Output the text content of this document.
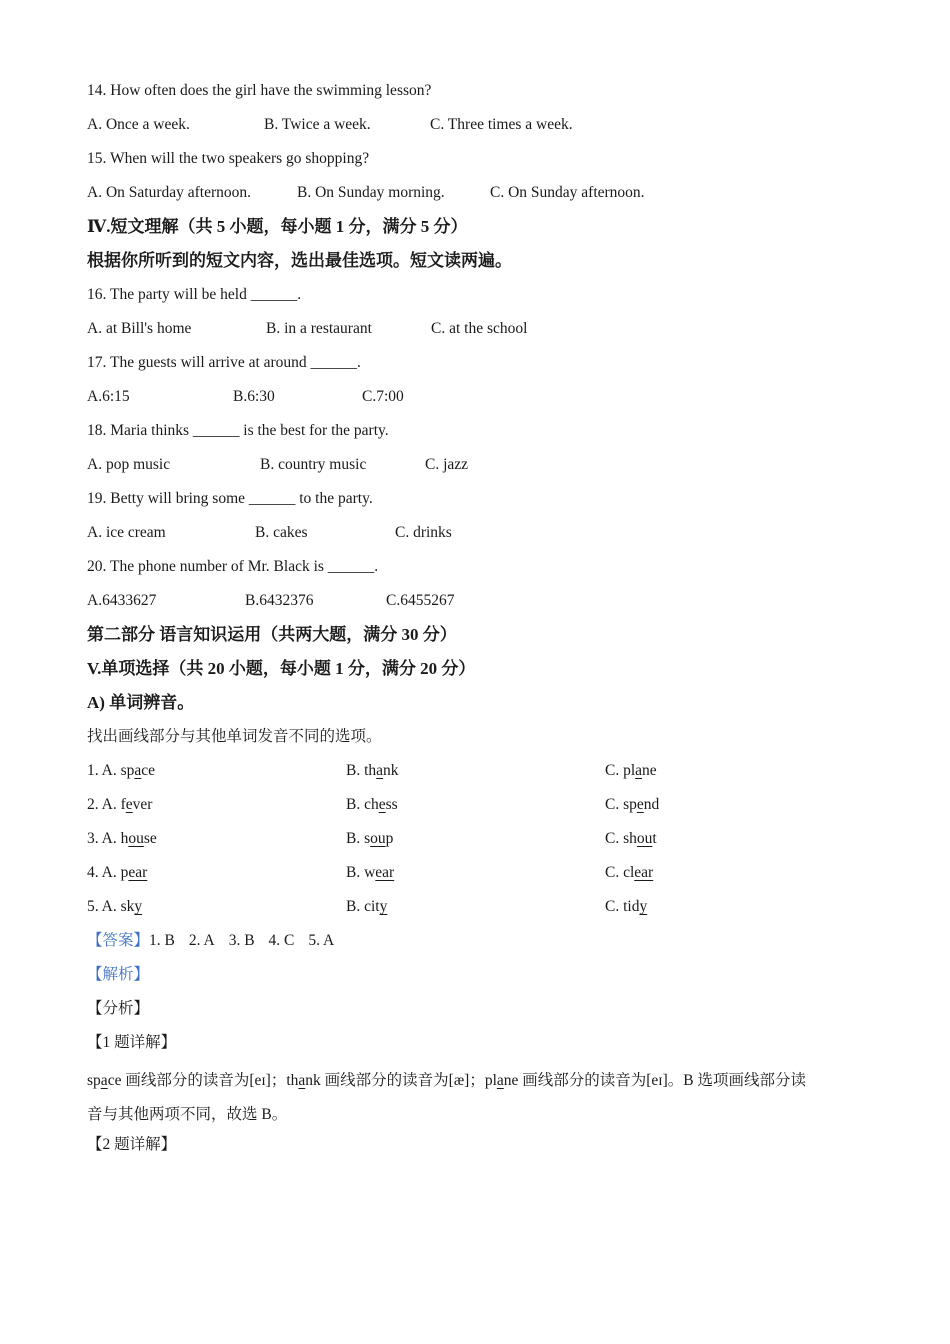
14. How often does the girl have the swimming lesson?
A. Once a week.	B. Twice a week.	C. Three times a week.
15. When will the two speakers go shopping?
A. On Saturday afternoon.	B. On Sunday morning.	C. On Sunday afternoon.
Ⅳ.短文理解（共 5 小题，每小题 1 分，满分 5 分）
根据你所听到的短文内容，选出最佳选项。短文读两遍。
16. The party will be held ______.
A. at Bill's home	B. in a restaurant	C. at the school
17. The guests will arrive at around ______.
A.6:15	B.6:30	C.7:00
18. Maria thinks ______ is the best for the party.
A. pop music	B. country music	C. jazz
19. Betty will bring some ______ to the party.
A. ice cream	B. cakes	C. drinks
20. The phone number of Mr. Black is ______.
A.6433627	B.6432376	C.6455267
第二部分 语言知识运用（共两大题，满分 30 分）
V.单项选择（共 20 小题，每小题 1 分，满分 20 分）
A) 单词辨音。
找出画线部分与其他单词发音不同的选项。
1. A. space	B. thank	C. plane
2. A. fever	B. chess	C. spend
3. A. house	B. soup	C. shout
4. A. pear	B. wear	C. clear
5. A. sky	B. city	C. tidy
【答案】1. B 2. A 3. B 4. C 5. A
【解析】
【分析】
【1 题详解】
space 画线部分的读音为[eɪ]；thank 画线部分的读音为[æ]；plane 画线部分的读音为[eɪ]。B 选项画线部分读
音与其他两项不同，故选 B。
【2 题详解】
